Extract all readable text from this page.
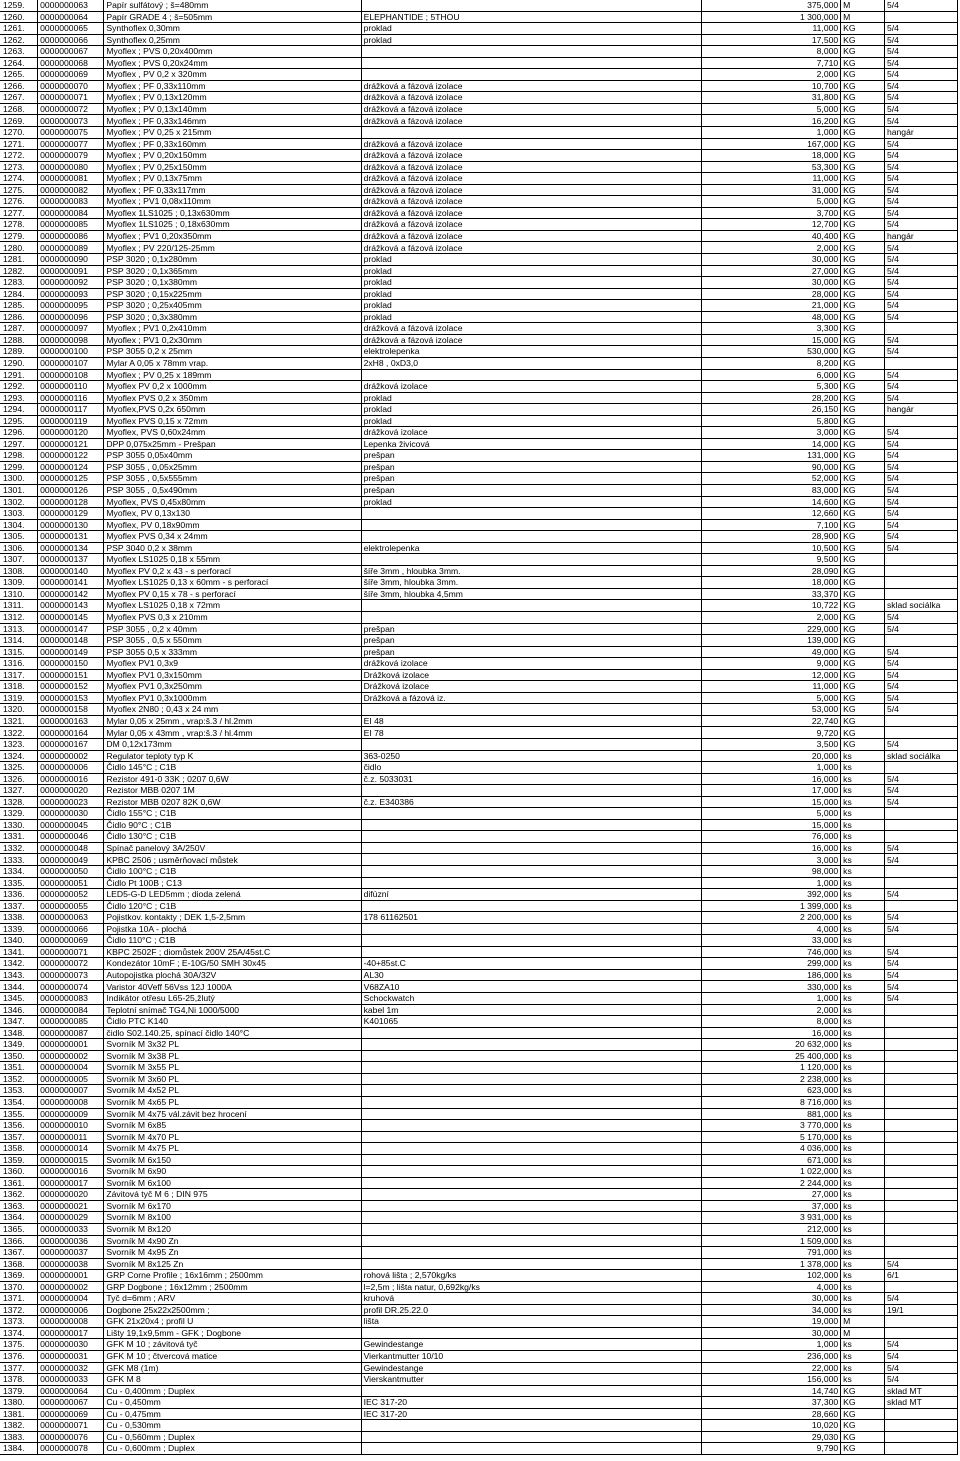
1259.	0000000063	Papír sulfátový ; š=480mm		375,000	M	5/4
1260.	0000000064	Papír GRADE 4 ; š=505mm	ELEPHANTIDE ; 5THOU	1 300,000	M	
1261.	0000000065	Synthoflex 0,30mm	proklad	11,000	KG	5/4
1262.	0000000066	Synthoflex 0,25mm	proklad	17,500	KG	5/4
1263.	0000000067	Myoflex ; PVS 0,20x400mm		8,000	KG	5/4
1264.	0000000068	Myoflex ; PVS 0,20x24mm		7,710	KG	5/4
1265.	0000000069	Myoflex , PV 0,2 x 320mm		2,000	KG	5/4
1266.	0000000070	Myoflex ; PF 0,33x110mm	drážková a fázová izolace	10,700	KG	5/4
1267.	0000000071	Myoflex ; PV 0,13x120mm	drážková a fázová izolace	31,800	KG	5/4
1268.	0000000072	Myoflex ; PV 0,13x140mm	drážková a fázová izolace	5,000	KG	5/4
1269.	0000000073	Myoflex ; PF 0,33x146mm	drážková a fázová izolace	16,200	KG	5/4
1270.	0000000075	Myoflex ; PV 0,25 x 215mm		1,000	KG	hangár
1271.	0000000077	Myoflex ; PF 0,33x160mm	drážková a fázová izolace	167,000	KG	5/4
1272.	0000000079	Myoflex ; PV 0,20x150mm	drážková a fázová izolace	18,000	KG	5/4
1273.	0000000080	Myoflex ; PV 0,25x150mm	drážková a fázová izolace	53,300	KG	5/4
1274.	0000000081	Myoflex ; PV 0,13x75mm	drážková a fázová izolace	11,000	KG	5/4
1275.	0000000082	Myoflex ; PF 0,33x117mm	drážková a fázová izolace	31,000	KG	5/4
1276.	0000000083	Myoflex ; PV1 0,08x110mm	drážková a fázová izolace	5,000	KG	5/4
1277.	0000000084	Myoflex 1LS1025 ; 0,13x630mm	drážková a fázová izolace	3,700	KG	5/4
1278.	0000000085	Myoflex 1LS1025 ; 0,18x630mm	drážková a fázová izolace	12,700	KG	5/4
1279.	0000000086	Myoflex ; PV1 0,20x350mm	drážková a fázová izolace	40,400	KG	hangár
1280.	0000000089	Myoflex ; PV 220/125-25mm	drážková a fázová izolace	2,000	KG	5/4
1281.	0000000090	PSP 3020 ; 0,1x280mm	proklad	30,000	KG	5/4
1282.	0000000091	PSP 3020 ; 0,1x365mm	proklad	27,000	KG	5/4
1283.	0000000092	PSP 3020 ; 0,1x380mm	proklad	30,000	KG	5/4
1284.	0000000093	PSP 3020 ; 0,15x225mm	proklad	28,000	KG	5/4
1285.	0000000095	PSP 3020 ; 0,25x405mm	proklad	21,000	KG	5/4
1286.	0000000096	PSP 3020 ; 0,3x380mm	proklad	48,000	KG	5/4
1287.	0000000097	Myoflex ; PV1 0,2x410mm	drážková a fázová izolace	3,300	KG	
1288.	0000000098	Myoflex ; PV1 0,2x30mm	drážková a fázová izolace	15,000	KG	5/4
1289.	0000000100	PSP 3055 0,2 x 25mm	elektrolepenka	530,000	KG	5/4
1290.	0000000107	Mylar A 0,05 x 78mm vrap.	2xH8 , 0xD3,0	8,200	KG	
1291.	0000000108	Myoflex ; PV 0,25 x 189mm		6,000	KG	5/4
1292.	0000000110	Myoflex PV 0,2 x 1000mm	drážková izolace	5,300	KG	5/4
1293.	0000000116	Myoflex PVS 0,2 x 350mm	proklad	28,200	KG	5/4
1294.	0000000117	Myoflex,PVS 0,2x 650mm	proklad	26,150	KG	hangár
1295.	0000000119	Myoflex PVS 0,15 x 72mm	proklad	5,800	KG	
1296.	0000000120	Myoflex, PVS 0,60x24mm	drážková izolace	3,000	KG	5/4
1297.	0000000121	DPP 0,075x25mm - Prešpan	Lepenka živicová	14,000	KG	5/4
1298.	0000000122	PSP 3055 0,05x40mm	prešpan	131,000	KG	5/4
1299.	0000000124	PSP 3055 , 0,05x25mm	prešpan	90,000	KG	5/4
1300.	0000000125	PSP 3055 , 0,5x555mm	prešpan	52,000	KG	5/4
1301.	0000000126	PSP 3055 , 0,5x490mm	prešpan	83,000	KG	5/4
1302.	0000000128	Myoflex, PVS 0,45x80mm	proklad	14,600	KG	5/4
1303.	0000000129	Myoflex, PV 0,13x130		12,660	KG	5/4
1304.	0000000130	Myoflex, PV 0,18x90mm		7,100	KG	5/4
1305.	0000000131	Myoflex PVS 0,34 x 24mm		28,900	KG	5/4
1306.	0000000134	PSP 3040 0,2 x 38mm	elektrolepenka	10,500	KG	5/4
1307.	0000000137	Myoflex LS1025 0,18 x 55mm		9,500	KG	
1308.	0000000140	Myoflex PV 0,2 x 43 - s perforací	šíře 3mm , hloubka 3mm.	28,090	KG	
1309.	0000000141	Myoflex LS1025 0,13 x 60mm - s perforací	šíře 3mm, hloubka 3mm.	18,000	KG	
1310.	0000000142	Myoflex PV 0,15 x 78 - s perforací	šíře 3mm, hloubka 4,5mm	33,370	KG	
1311.	0000000143	Myoflex LS1025 0,18 x 72mm		10,722	KG	sklad sociálka
1312.	0000000145	Myoflex PVS 0,3 x 210mm		2,000	KG	5/4
1313.	0000000147	PSP 3055 , 0,2 x 40mm	prešpan	229,000	KG	5/4
1314.	0000000148	PSP 3055 , 0,5 x 550mm	prešpan	139,000	KG	
1315.	0000000149	PSP 3055 0,5 x 333mm	prešpan	49,000	KG	5/4
1316.	0000000150	Myoflex PV1 0,3x9	drážková izolace	9,000	KG	5/4
1317.	0000000151	Myoflex PV1 0,3x150mm	Drážková izolace	12,000	KG	5/4
1318.	0000000152	Myoflex PV1 0,3x250mm	Drážková izolace	11,000	KG	5/4
1319.	0000000153	Myoflex PV1 0,3x1000mm	Drážková a fázová iz.	5,000	KG	5/4
1320.	0000000158	Myoflex 2N80 ; 0,43 x 24 mm		53,000	KG	5/4
1321.	0000000163	Mylar 0,05 x 25mm , vrap:š.3 / hl.2mm	EI 48	22,740	KG	
1322.	0000000164	Mylar 0,05 x 43mm , vrap:š.3 / hl.4mm	EI 78	9,720	KG	
1323.	0000000167	DM 0,12x173mm		3,500	KG	5/4
1324.	0000000002	Regulator teploty typ K	363-0250	20,000	ks	sklad sociálka
1325.	0000000006	Čidlo 145°C ; C1B	čidlo	1,000	ks	
1326.	0000000016	Rezistor 491-0 33K ; 0207 0,6W	č.z. 5033031	16,000	ks	5/4
1327.	0000000020	Rezistor MBB 0207 1M		17,000	ks	5/4
1328.	0000000023	Rezistor MBB 0207 82K 0,6W	č.z. E340386	15,000	ks	5/4
1329.	0000000030	Čidlo 155°C ; C1B		5,000	ks	
1330.	0000000045	Čidlo 90°C ; C1B		15,000	ks	
1331.	0000000046	Čidlo 130°C ; C1B		76,000	ks	
1332.	0000000048	Spínač panelový 3A/250V		16,000	ks	5/4
1333.	0000000049	KPBC 2506 ; usměrňovací můstek		3,000	ks	5/4
1334.	0000000050	Čidlo 100°C ; C1B		98,000	ks	
1335.	0000000051	Čidlo Pt 100B ; C13		1,000	ks	
1336.	0000000052	LED5-G-D LED5mm ; dioda zelená	difúzní	392,000	ks	5/4
1337.	0000000055	Čidlo 120°C ; C1B		1 399,000	ks	
1338.	0000000063	Pojistkov. kontakty ; DEK 1,5-2,5mm	178 61162501	2 200,000	ks	5/4
1339.	0000000066	Pojistka 10A - plochá		4,000	ks	5/4
1340.	0000000069	Čidlo 110°C ; C1B		33,000	ks	
1341.	0000000071	KBPC 2502F ; diomůstek 200V 25A/45st.C		746,000	ks	5/4
1342.	0000000072	Kondezátor 10mF ; E-10G/50 SMH 30x45	-40+85st.C	299,000	ks	5/4
1343.	0000000073	Autopojistka plochá 30A/32V	AL30	186,000	ks	5/4
1344.	0000000074	Varistor 40Veff 56Vss 12J 1000A	V68ZA10	330,000	ks	5/4
1345.	0000000083	Indikátor otřesu L65-25,žlutý	Schockwatch	1,000	ks	5/4
1346.	0000000084	Teplotní snímač TG4,Ni 1000/5000	kabel 1m	2,000	ks	
1347.	0000000085	Čidlo PTC K140	K401065	8,000	ks	
1348.	0000000087	čidlo S02.140.25, spínací čidlo 140°C		16,000	ks	
1349.	0000000001	Svorník M 3x32 PL		20 632,000	ks	
1350.	0000000002	Svorník M 3x38 PL		25 400,000	ks	
1351.	0000000004	Svorník M 3x55 PL		1 120,000	ks	
1352.	0000000005	Svorník M 3x60 PL		2 238,000	ks	
1353.	0000000007	Svorník M 4x52 PL		623,000	ks	
1354.	0000000008	Svorník M 4x65 PL		8 716,000	ks	
1355.	0000000009	Svorník M 4x75 vál.závit bez hrocení		881,000	ks	
1356.	0000000010	Svorník M 6x85		3 770,000	ks	
1357.	0000000011	Svorník M 4x70 PL		5 170,000	ks	
1358.	0000000014	Svorník M 4x75 PL		4 036,000	ks	
1359.	0000000015	Svorník M 6x150		671,000	ks	
1360.	0000000016	Svorník M 6x90		1 022,000	ks	
1361.	0000000017	Svorník M 6x100		2 244,000	ks	
1362.	0000000020	Závitová tyč M 6 ; DIN 975		27,000	ks	
1363.	0000000021	Svorník M 6x170		37,000	ks	
1364.	0000000029	Svorník M 8x100		3 931,000	ks	
1365.	0000000033	Svorník M 8x120		212,000	ks	
1366.	0000000036	Svorník M 4x90 Zn		1 509,000	ks	
1367.	0000000037	Svorník M 4x95 Zn		791,000	ks	
1368.	0000000038	Svorník M 8x125 Zn		1 378,000	ks	5/4
1369.	0000000001	GRP Corne Profile ; 16x16mm ; 2500mm	rohová lišta ; 2,570kg/ks	102,000	ks	6/1
1370.	0000000002	GRP Dogbone ; 16x12mm ; 2500mm	l=2,5m ; lišta natur, 0,692kg/ks	4,000	ks	
1371.	0000000004	Tyč d=6mm ; ARV	kruhová	30,000	ks	5/4
1372.	0000000006	Dogbone 25x22x2500mm ;	profil DR.25.22.0	34,000	ks	19/1
1373.	0000000008	GFK 21x20x4 ; profil U	lišta	19,000	M	
1374.	0000000017	Lišty 19,1x9,5mm - GFK ; Dogbone		30,000	M	
1375.	0000000030	GFK M 10 ; závitová tyč	Gewindestange	1,000	ks	5/4
1376.	0000000031	GFK M 10 ; čtvercová matice	Vierkantmutter 10/10	236,000	ks	5/4
1377.	0000000032	GFK M8 (1m)	Gewindestange	22,000	ks	5/4
1378.	0000000033	GFK M 8	Vierskantmutter	156,000	ks	5/4
1379.	0000000064	Cu - 0,400mm ; Duplex		14,740	KG	sklad MT
1380.	0000000067	Cu - 0,450mm	IEC 317-20	37,300	KG	sklad MT
1381.	0000000069	Cu - 0,475mm	IEC 317-20	28,660	KG	
1382.	0000000071	Cu - 0,530mm		10,020	KG	
1383.	0000000076	Cu - 0,560mm ; Duplex		29,030	KG	
1384.	0000000078	Cu - 0,600mm ; Duplex		9,790	KG	
